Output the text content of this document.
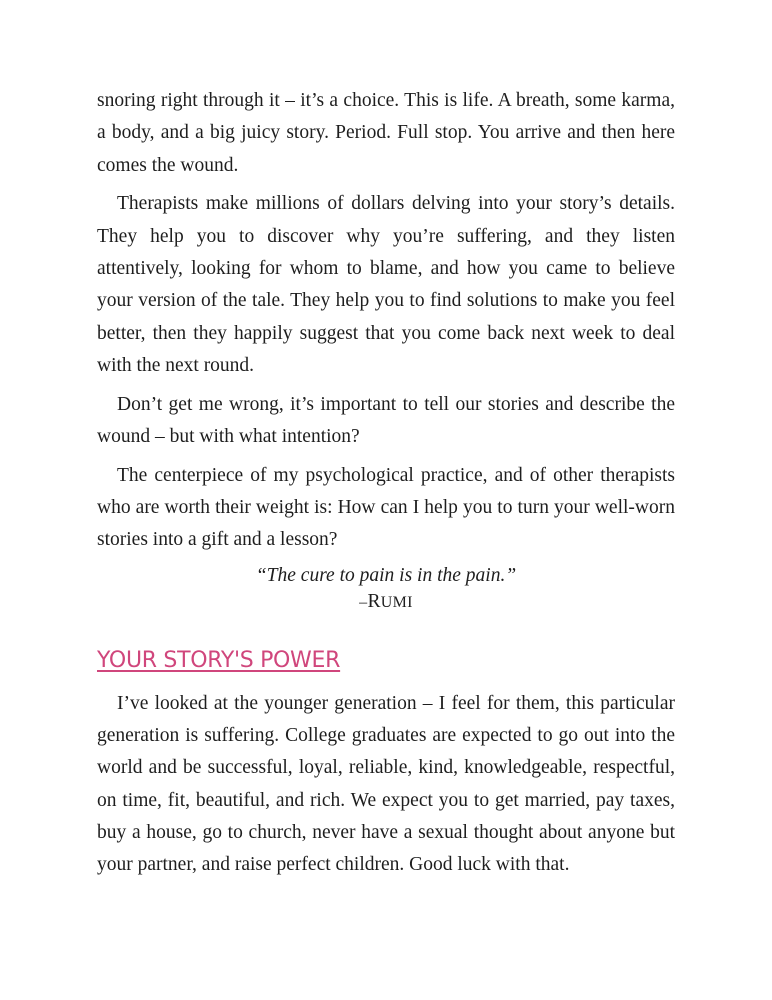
snoring right through it – it’s a choice. This is life. A breath, some karma, a body, and a big juicy story. Period. Full stop. You arrive and then here comes the wound.

Therapists make millions of dollars delving into your story’s details. They help you to discover why you’re suffering, and they listen attentively, looking for whom to blame, and how you came to believe your version of the tale. They help you to find solutions to make you feel better, then they happily suggest that you come back next week to deal with the next round.

Don’t get me wrong, it’s important to tell our stories and describe the wound – but with what intention?

The centerpiece of my psychological practice, and of other therapists who are worth their weight is: How can I help you to turn your well-worn stories into a gift and a lesson?

“The cure to pain is in the pain.”
–RUMI
YOUR STORY'S POWER

I’ve looked at the younger generation – I feel for them, this particular generation is suffering. College graduates are expected to go out into the world and be successful, loyal, reliable, kind, knowledgeable, respectful, on time, fit, beautiful, and rich. We expect you to get married, pay taxes, buy a house, go to church, never have a sexual thought about anyone but your partner, and raise perfect children. Good luck with that.
